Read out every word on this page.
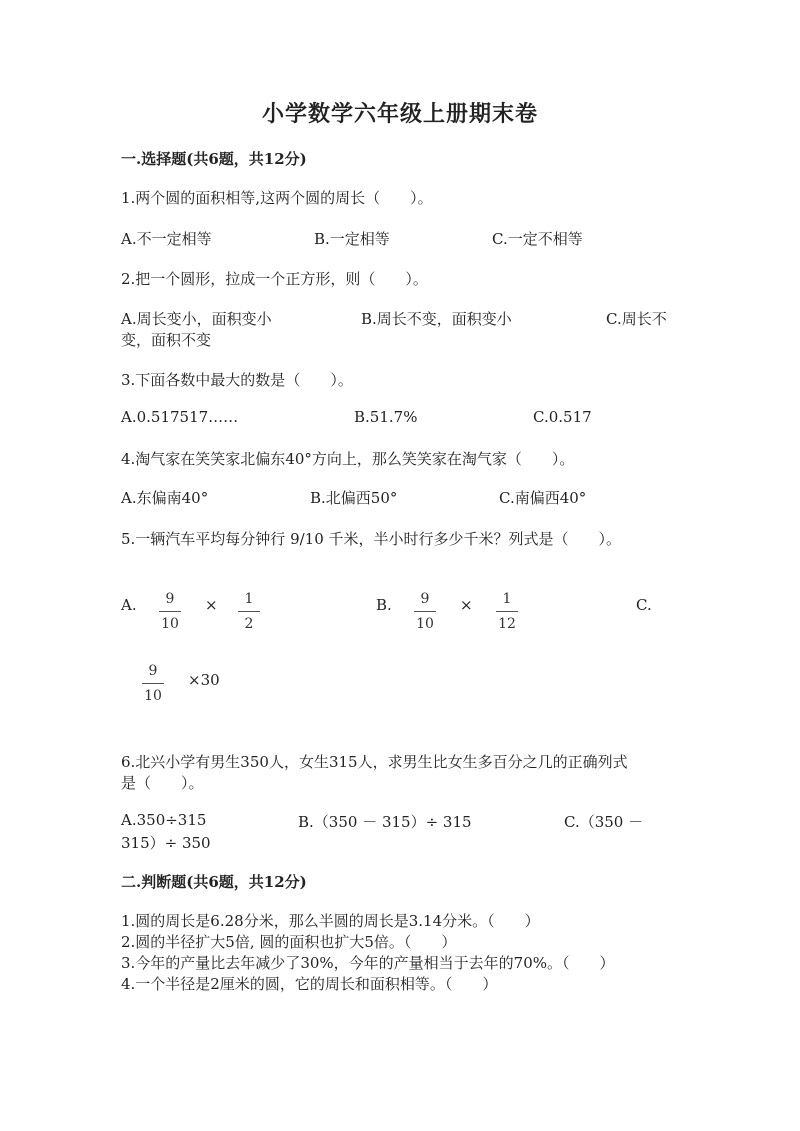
小学数学六年级上册期末卷
一.选择题(共6题，共12分)
1.两个圆的面积相等,这两个圆的周长（　　）。
A.不一定相等	B.一定相等	C.一定不相等
2.把一个圆形，拉成一个正方形，则（　　）。
A.周长变小，面积变小	B.周长不变，面积变小	C.周长不
变，面积不变
3.下面各数中最大的数是（　　）。
A.0.517517……	B.51.7%	C.0.517
4.淘气家在笑笑家北偏东40°方向上，那么笑笑家在淘气家（　　）。
A.东偏南40°	B.北偏西50°	C.南偏西40°
5.一辆汽车平均每分钟行 9/10 千米，半小时行多少千米？列式是（　　）。
A.	9
10
×	1
2
B.	9
10
×	1
12
C.
9
10
×30
6.北兴小学有男生350人，女生315人，求男生比女生多百分之几的正确列式
是（　　）。
A.350÷315	B.（350 － 315）÷ 315	C.（350 －
315）÷ 350
二.判断题(共6题，共12分)
1.圆的周长是6.28分米，那么半圆的周长是3.14分米。（　　）
2.圆的半径扩大5倍, 圆的面积也扩大5倍。（　　）
3.今年的产量比去年减少了30%，今年的产量相当于去年的70%。（　　）
4.一个半径是2厘米的圆，它的周长和面积相等。（　　）
